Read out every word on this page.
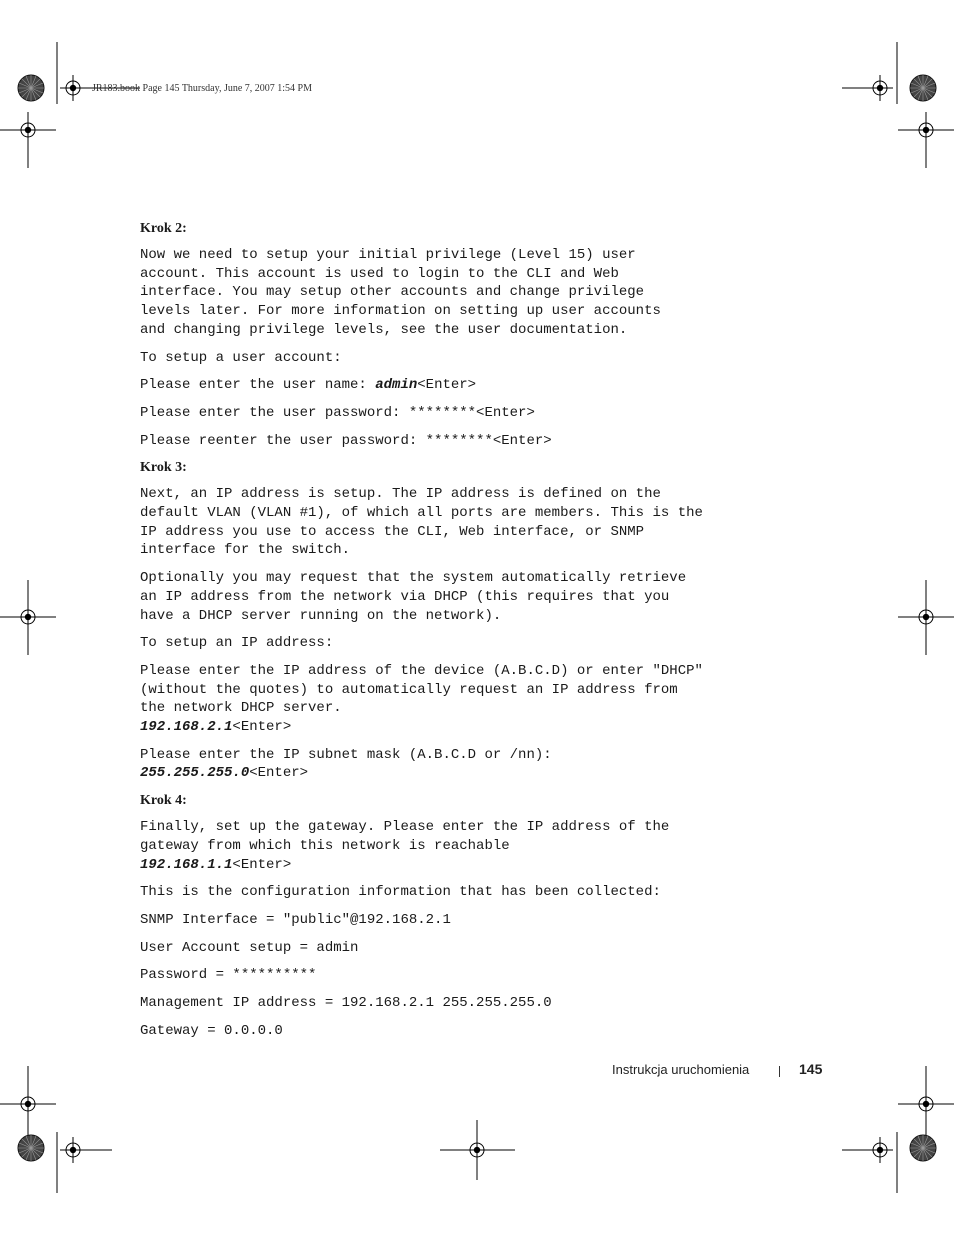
JR183.book Page 145 Thursday, June 7, 2007 1:54 PM
Krok 2:
Now we need to setup your initial privilege (Level 15) user
account. This account is used to login to the CLI and Web
interface. You may setup other accounts and change privilege
levels later. For more information on setting up user accounts
and changing privilege levels, see the user documentation.
To setup a user account:
Please enter the user name: admin<Enter>
Please enter the user password: ********<Enter>
Please reenter the user password: ********<Enter>
Krok 3:
Next, an IP address is setup. The IP address is defined on the
default VLAN (VLAN #1), of which all ports are members. This is the
IP address you use to access the CLI, Web interface, or SNMP
interface for the switch.
Optionally you may request that the system automatically retrieve
an IP address from the network via DHCP (this requires that you
have a DHCP server running on the network).
To setup an IP address:
Please enter the IP address of the device (A.B.C.D) or enter "DHCP"
(without the quotes) to automatically request an IP address from
the network DHCP server.
192.168.2.1<Enter>
Please enter the IP subnet mask (A.B.C.D or /nn):
255.255.255.0<Enter>
Krok 4:
Finally, set up the gateway. Please enter the IP address of the
gateway from which this network is reachable
192.168.1.1<Enter>
This is the configuration information that has been collected:
SNMP Interface = "public"@192.168.2.1
User Account setup = admin
Password = **********
Management IP address = 192.168.2.1 255.255.255.0
Gateway = 0.0.0.0
Instrukcja uruchomienia	145
